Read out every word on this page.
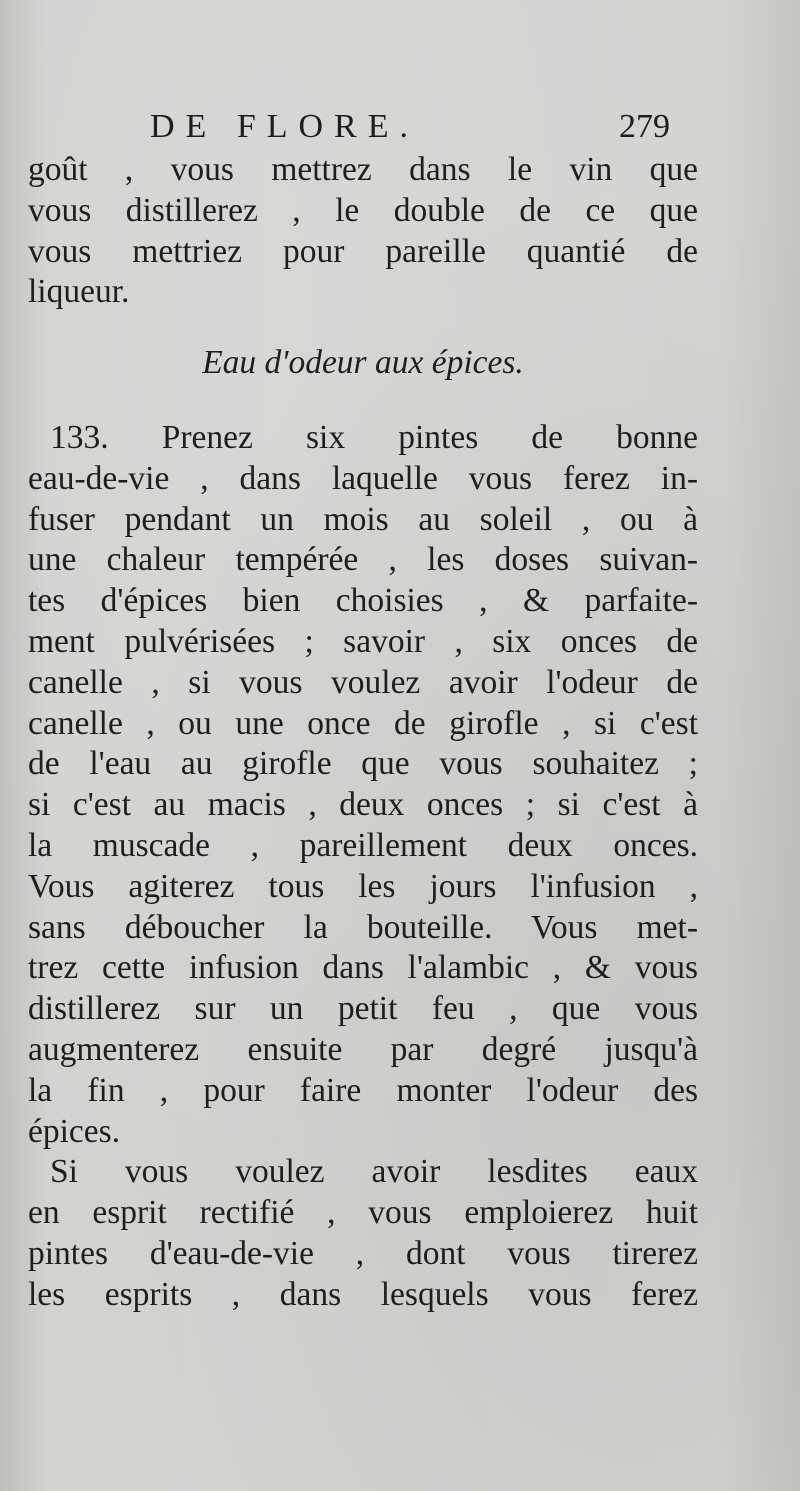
DE FLORE.	279
goût , vous mettrez dans le vin que
vous distillerez , le double de ce que
vous mettriez pour pareille quantié de
liqueur.
Eau d'odeur aux épices.
133. Prenez six pintes de bonne
eau-de-vie , dans laquelle vous ferez in-
fuser pendant un mois au soleil , ou à
une chaleur tempérée , les doses suivan-
tes d'épices bien choisies , & parfaite-
ment pulvérisées ; savoir , six onces de
canelle , si vous voulez avoir l'odeur de
canelle , ou une once de girofle , si c'est
de l'eau au girofle que vous souhaitez ;
si c'est au macis , deux onces ; si c'est à
la muscade , pareillement deux onces.
Vous agiterez tous les jours l'infusion ,
sans déboucher la bouteille. Vous met-
trez cette infusion dans l'alambic , & vous
distillerez sur un petit feu , que vous
augmenterez ensuite par degré jusqu'à
la fin , pour faire monter l'odeur des
épices.
Si vous voulez avoir lesdites eaux
en esprit rectifié , vous emploierez huit
pintes d'eau-de-vie , dont vous tirerez
les esprits , dans lesquels vous ferez
